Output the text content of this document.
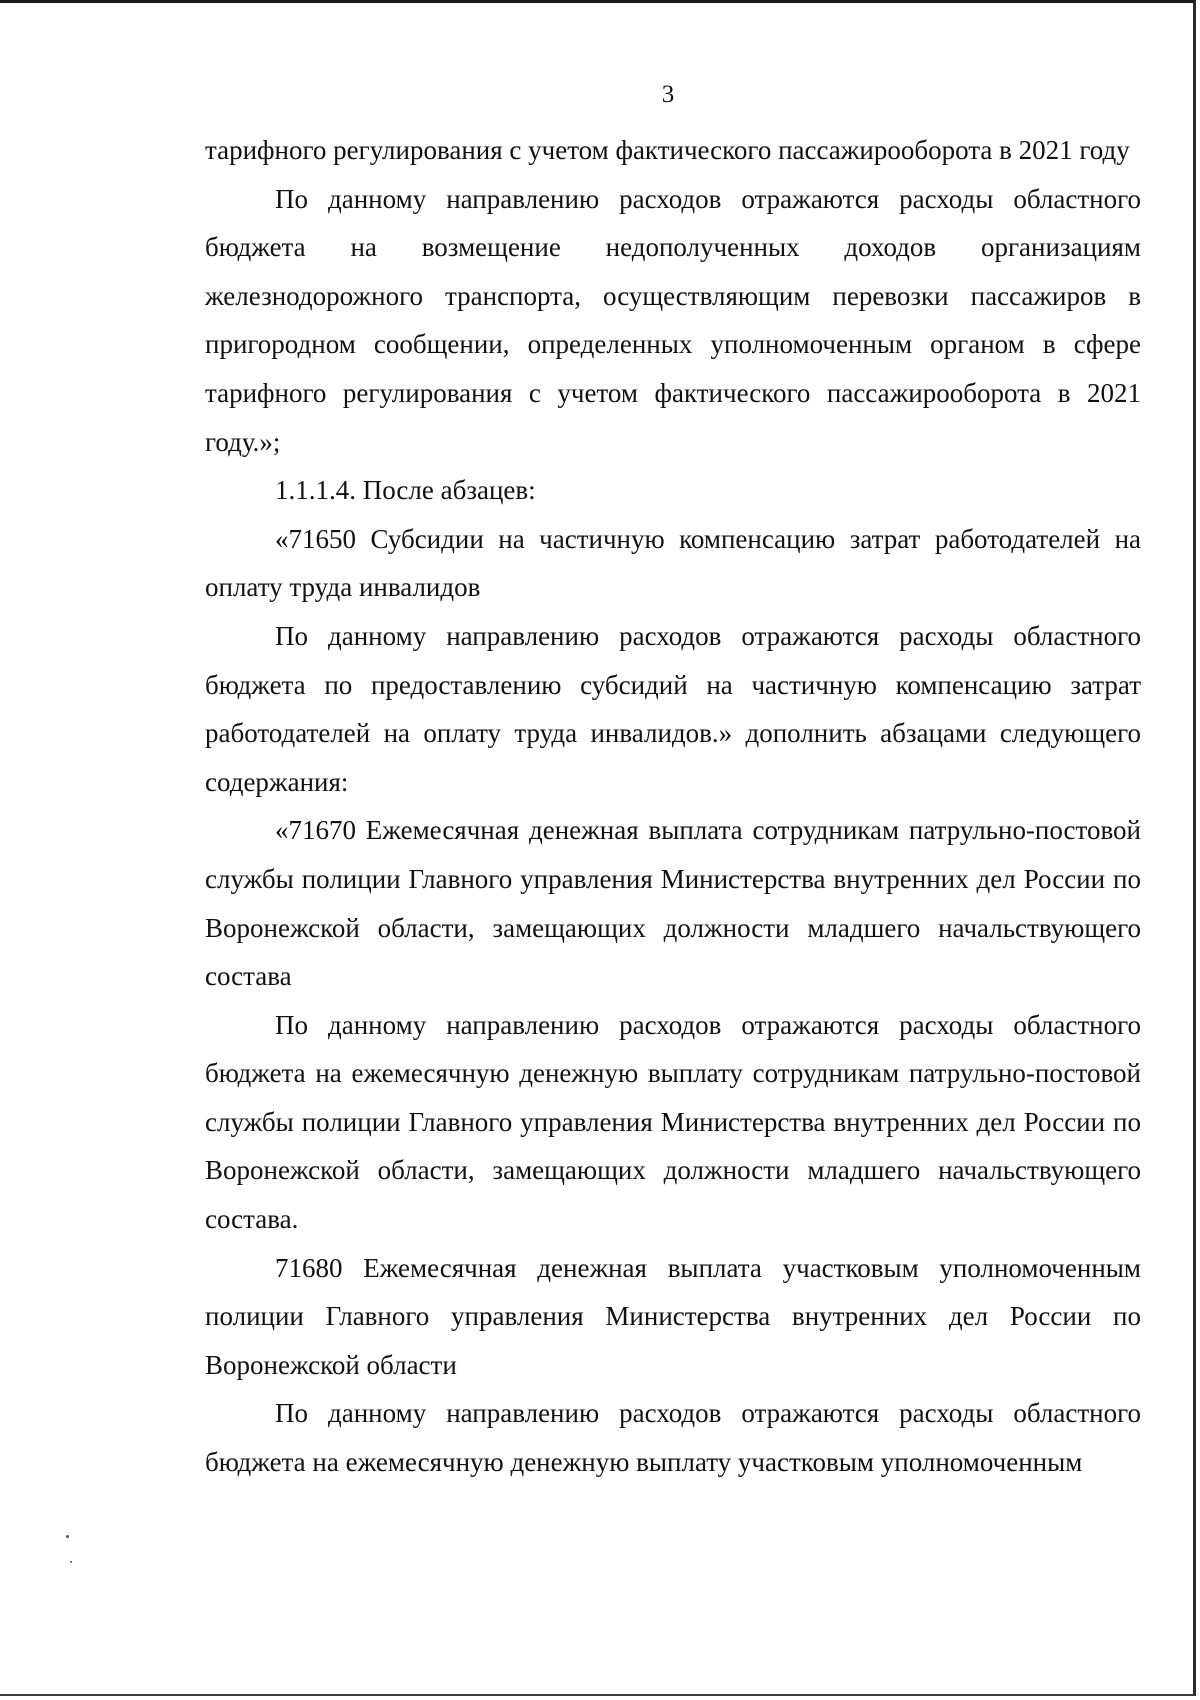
3

тарифного регулирования с учетом фактического пассажирооборота в 2021 году

По данному направлению расходов отражаются расходы областного бюджета на возмещение недополученных доходов организациям железнодорожного транспорта, осуществляющим перевозки пассажиров в пригородном сообщении, определенных уполномоченным органом в сфере тарифного регулирования с учетом фактического пассажирооборота в 2021 году.»;

1.1.1.4. После абзацев:

«71650 Субсидии на частичную компенсацию затрат работодателей на оплату труда инвалидов

По данному направлению расходов отражаются расходы областного бюджета по предоставлению субсидий на частичную компенсацию затрат работодателей на оплату труда инвалидов.» дополнить абзацами следующего содержания:

«71670 Ежемесячная денежная выплата сотрудникам патрульно-постовой службы полиции Главного управления Министерства внутренних дел России по Воронежской области, замещающих должности младшего начальствующего состава

По данному направлению расходов отражаются расходы областного бюджета на ежемесячную денежную выплату сотрудникам патрульно-постовой службы полиции Главного управления Министерства внутренних дел России по Воронежской области, замещающих должности младшего начальствующего состава.

71680 Ежемесячная денежная выплата участковым уполномоченным полиции Главного управления Министерства внутренних дел России по Воронежской области

По данному направлению расходов отражаются расходы областного бюджета на ежемесячную денежную выплату участковым уполномоченным
